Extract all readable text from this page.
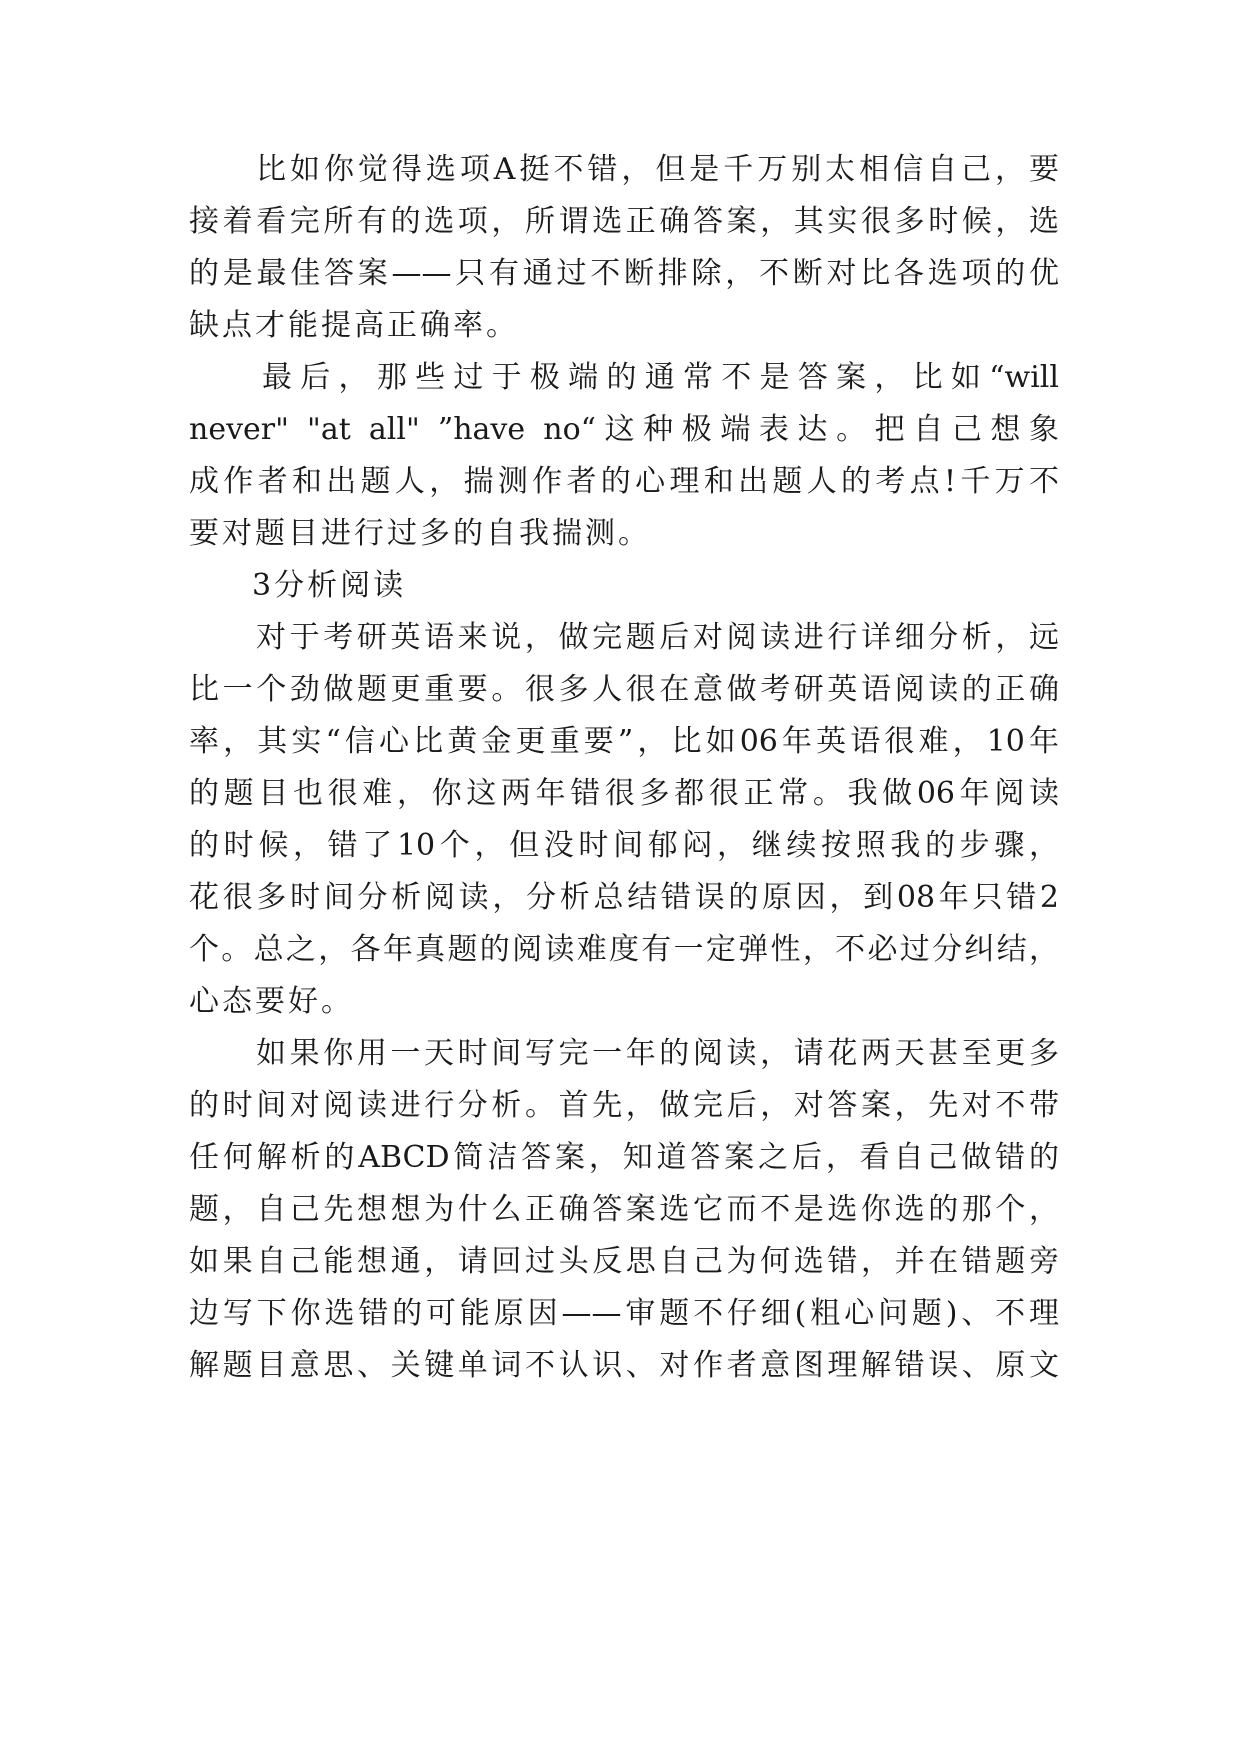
比如你觉得选项A挺不错，但是千万别太相信自己，要
接着看完所有的选项，所谓选正确答案，其实很多时候，选
的是最佳答案——只有通过不断排除，不断对比各选项的优
缺点才能提高正确率。
最后，那些过于极端的通常不是答案，比如“will
never" "at all" ”have no“这种极端表达。把自己想象
成作者和出题人，揣测作者的心理和出题人的考点!千万不
要对题目进行过多的自我揣测。
3分析阅读
对于考研英语来说，做完题后对阅读进行详细分析，远
比一个劲做题更重要。很多人很在意做考研英语阅读的正确
率，其实“信心比黄金更重要”，比如06年英语很难，10年
的题目也很难，你这两年错很多都很正常。我做06年阅读
的时候，错了10个，但没时间郁闷，继续按照我的步骤，
花很多时间分析阅读，分析总结错误的原因，到08年只错2
个。总之，各年真题的阅读难度有一定弹性，不必过分纠结，
心态要好。
如果你用一天时间写完一年的阅读，请花两天甚至更多
的时间对阅读进行分析。首先，做完后，对答案，先对不带
任何解析的ABCD简洁答案，知道答案之后，看自己做错的
题，自己先想想为什么正确答案选它而不是选你选的那个，
如果自己能想通，请回过头反思自己为何选错，并在错题旁
边写下你选错的可能原因——审题不仔细(粗心问题)、不理
解题目意思、关键单词不认识、对作者意图理解错误、原文
